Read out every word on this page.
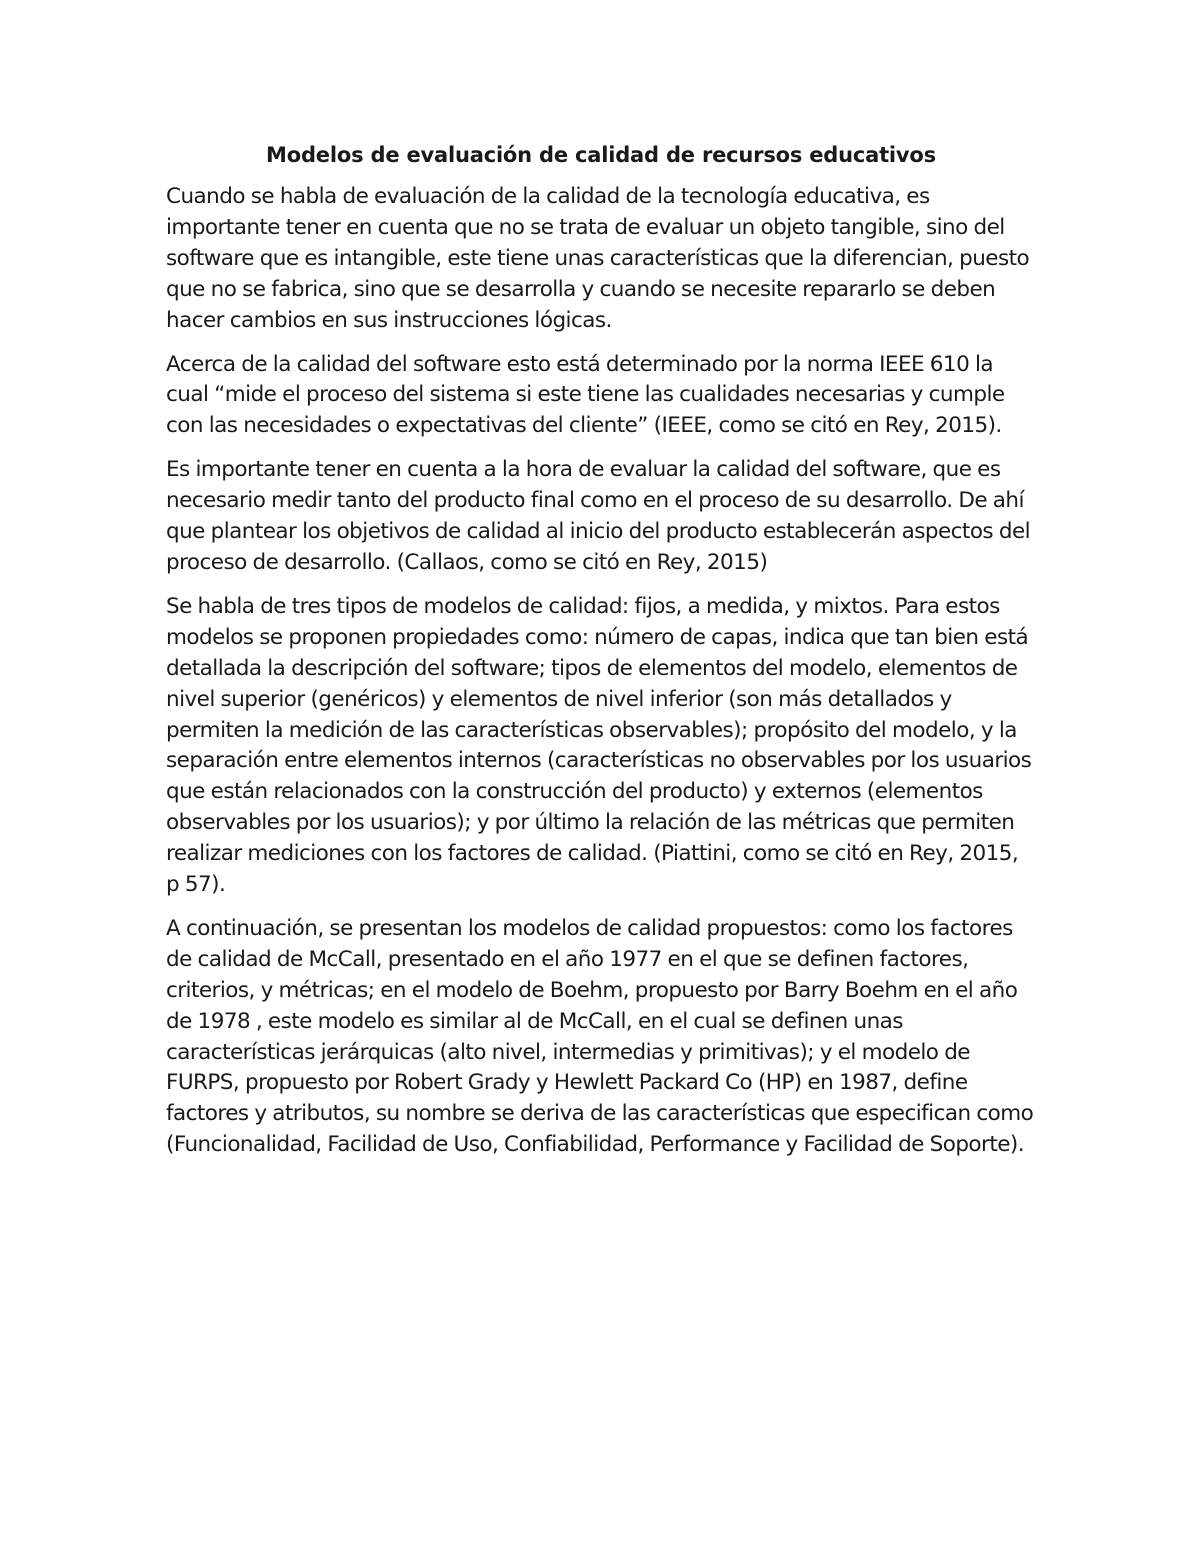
Modelos de evaluación de calidad de recursos educativos

Cuando se habla de evaluación de la calidad de la tecnología educativa, es importante tener en cuenta que no se trata de evaluar un objeto tangible, sino del software que es intangible, este tiene unas características que la diferencian, puesto que no se fabrica, sino que se desarrolla y cuando se necesite repararlo se deben hacer cambios en sus instrucciones lógicas.

Acerca de la calidad del software esto está determinado por la norma IEEE 610 la cual “mide el proceso del sistema si este tiene las cualidades necesarias y cumple con las necesidades o expectativas del cliente” (IEEE, como se citó en Rey, 2015).

Es importante tener en cuenta a la hora de evaluar la calidad del software, que es necesario medir tanto del producto final como en el proceso de su desarrollo. De ahí que plantear los objetivos de calidad al inicio del producto establecerán aspectos del proceso de desarrollo. (Callaos, como se citó en Rey, 2015)

Se habla de tres tipos de modelos de calidad: fijos, a medida, y mixtos. Para estos modelos se proponen propiedades como: número de capas, indica que tan bien está detallada la descripción del software; tipos de elementos del modelo, elementos de nivel superior (genéricos) y elementos de nivel inferior (son más detallados y permiten la medición de las características observables); propósito del modelo, y la separación entre elementos internos (características no observables por los usuarios que están relacionados con la construcción del producto) y externos (elementos observables por los usuarios); y por último la relación de las métricas que permiten realizar mediciones con los factores de calidad. (Piattini, como se citó en Rey, 2015, p 57).

A continuación, se presentan los modelos de calidad propuestos: como los factores de calidad de McCall, presentado en el año 1977 en el que se definen factores, criterios, y métricas; en el modelo de Boehm, propuesto por Barry Boehm en el año de 1978 , este modelo es similar al de McCall, en el cual se definen unas características jerárquicas (alto nivel, intermedias y primitivas); y el modelo de FURPS, propuesto por Robert Grady y Hewlett Packard Co (HP) en 1987, define factores y atributos, su nombre se deriva de las características que especifican como (Funcionalidad, Facilidad de Uso, Confiabilidad, Performance y Facilidad de Soporte).
